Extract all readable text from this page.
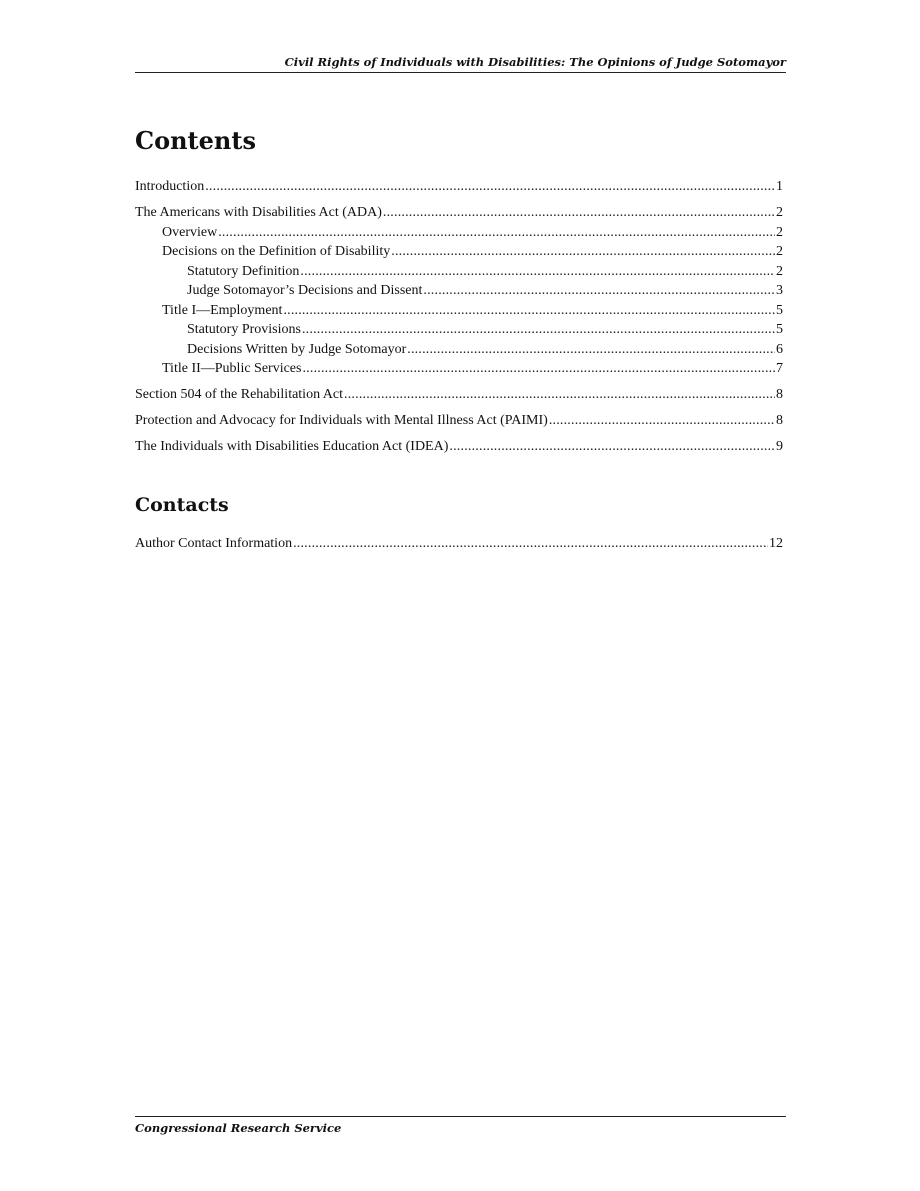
Civil Rights of Individuals with Disabilities: The Opinions of Judge Sotomayor
Contents
Introduction .....	1
The Americans with Disabilities Act (ADA) .....	2
Overview .....	2
Decisions on the Definition of Disability .....	2
Statutory Definition .....	2
Judge Sotomayor’s Decisions and Dissent .....	3
Title I—Employment .....	5
Statutory Provisions .....	5
Decisions Written by Judge Sotomayor .....	6
Title II—Public Services .....	7
Section 504 of the Rehabilitation Act .....	8
Protection and Advocacy for Individuals with Mental Illness Act (PAIMI) .....	8
The Individuals with Disabilities Education Act (IDEA) .....	9
Contacts
Author Contact Information .....	12
Congressional Research Service
